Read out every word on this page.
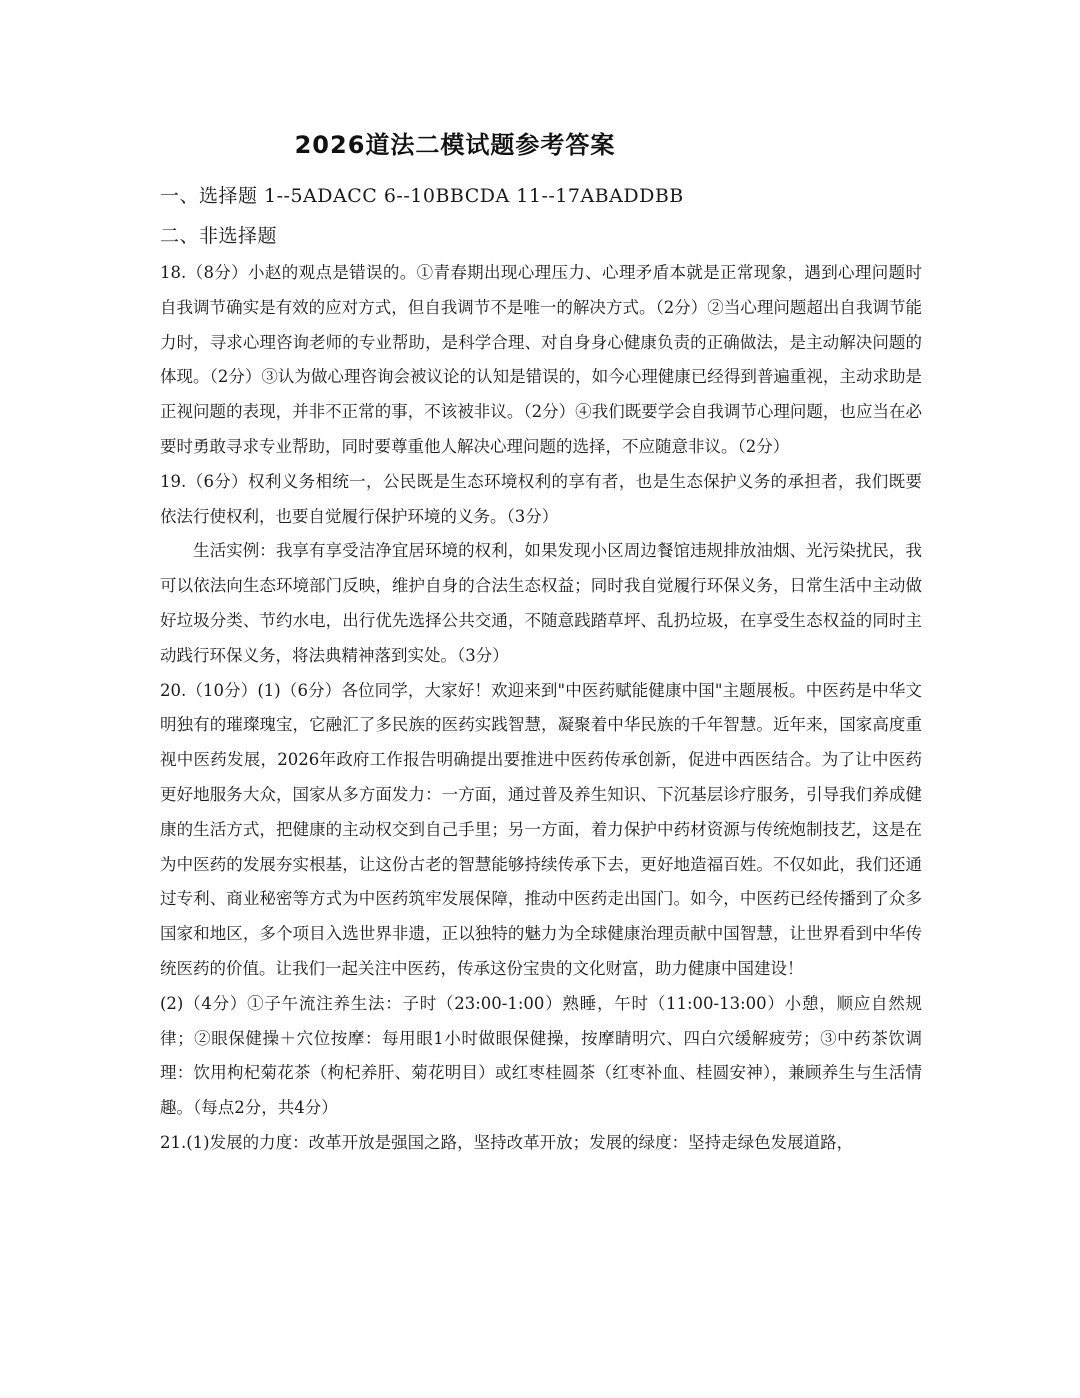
2026道法二模试题参考答案
一、选择题 1--5ADACC 6--10BBCDA 11--17ABADDBB
二、非选择题

18.（8分）小赵的观点是错误的。①青春期出现心理压力、心理矛盾本就是正常现象，遇到心理问题时自我调节确实是有效的应对方式，但自我调节不是唯一的解决方式。（2分）②当心理问题超出自我调节能力时，寻求心理咨询老师的专业帮助，是科学合理、对自身身心健康负责的正确做法，是主动解决问题的体现。（2分）③认为做心理咨询会被议论的认知是错误的，如今心理健康已经得到普遍重视，主动求助是正视问题的表现，并非不正常的事，不该被非议。（2分）④我们既要学会自我调节心理问题，也应当在必要时勇敢寻求专业帮助，同时要尊重他人解决心理问题的选择，不应随意非议。（2分）

19.（6分）权利义务相统一，公民既是生态环境权利的享有者，也是生态保护义务的承担者，我们既要依法行使权利，也要自觉履行保护环境的义务。（3分）

生活实例：我享有享受洁净宜居环境的权利，如果发现小区周边餐馆违规排放油烟、光污染扰民，我可以依法向生态环境部门反映，维护自身的合法生态权益；同时我自觉履行环保义务，日常生活中主动做好垃圾分类、节约水电，出行优先选择公共交通，不随意践踏草坪、乱扔垃圾，在享受生态权益的同时主动践行环保义务，将法典精神落到实处。（3分）

20.（10分）(1)（6分）各位同学，大家好！欢迎来到"中医药赋能健康中国"主题展板。中医药是中华文明独有的璀璨瑰宝，它融汇了多民族的医药实践智慧，凝聚着中华民族的千年智慧。近年来，国家高度重视中医药发展，2026年政府工作报告明确提出要推进中医药传承创新，促进中西医结合。为了让中医药更好地服务大众，国家从多方面发力：一方面，通过普及养生知识、下沉基层诊疗服务，引导我们养成健康的生活方式，把健康的主动权交到自己手里；另一方面，着力保护中药材资源与传统炮制技艺，这是在为中医药的发展夯实根基，让这份古老的智慧能够持续传承下去，更好地造福百姓。不仅如此，我们还通过专利、商业秘密等方式为中医药筑牢发展保障，推动中医药走出国门。如今，中医药已经传播到了众多国家和地区，多个项目入选世界非遗，正以独特的魅力为全球健康治理贡献中国智慧，让世界看到中华传统医药的价值。让我们一起关注中医药，传承这份宝贵的文化财富，助力健康中国建设！

(2)（4分）①子午流注养生法：子时（23:00-1:00）熟睡，午时（11:00-13:00）小憩，顺应自然规律；②眼保健操＋穴位按摩：每用眼1小时做眼保健操，按摩睛明穴、四白穴缓解疲劳；③中药茶饮调理：饮用枸杞菊花茶（枸杞养肝、菊花明目）或红枣桂圆茶（红枣补血、桂圆安神），兼顾养生与生活情趣。（每点2分，共4分）

21.(1)发展的力度：改革开放是强国之路，坚持改革开放；发展的绿度：坚持走绿色发展道路，
